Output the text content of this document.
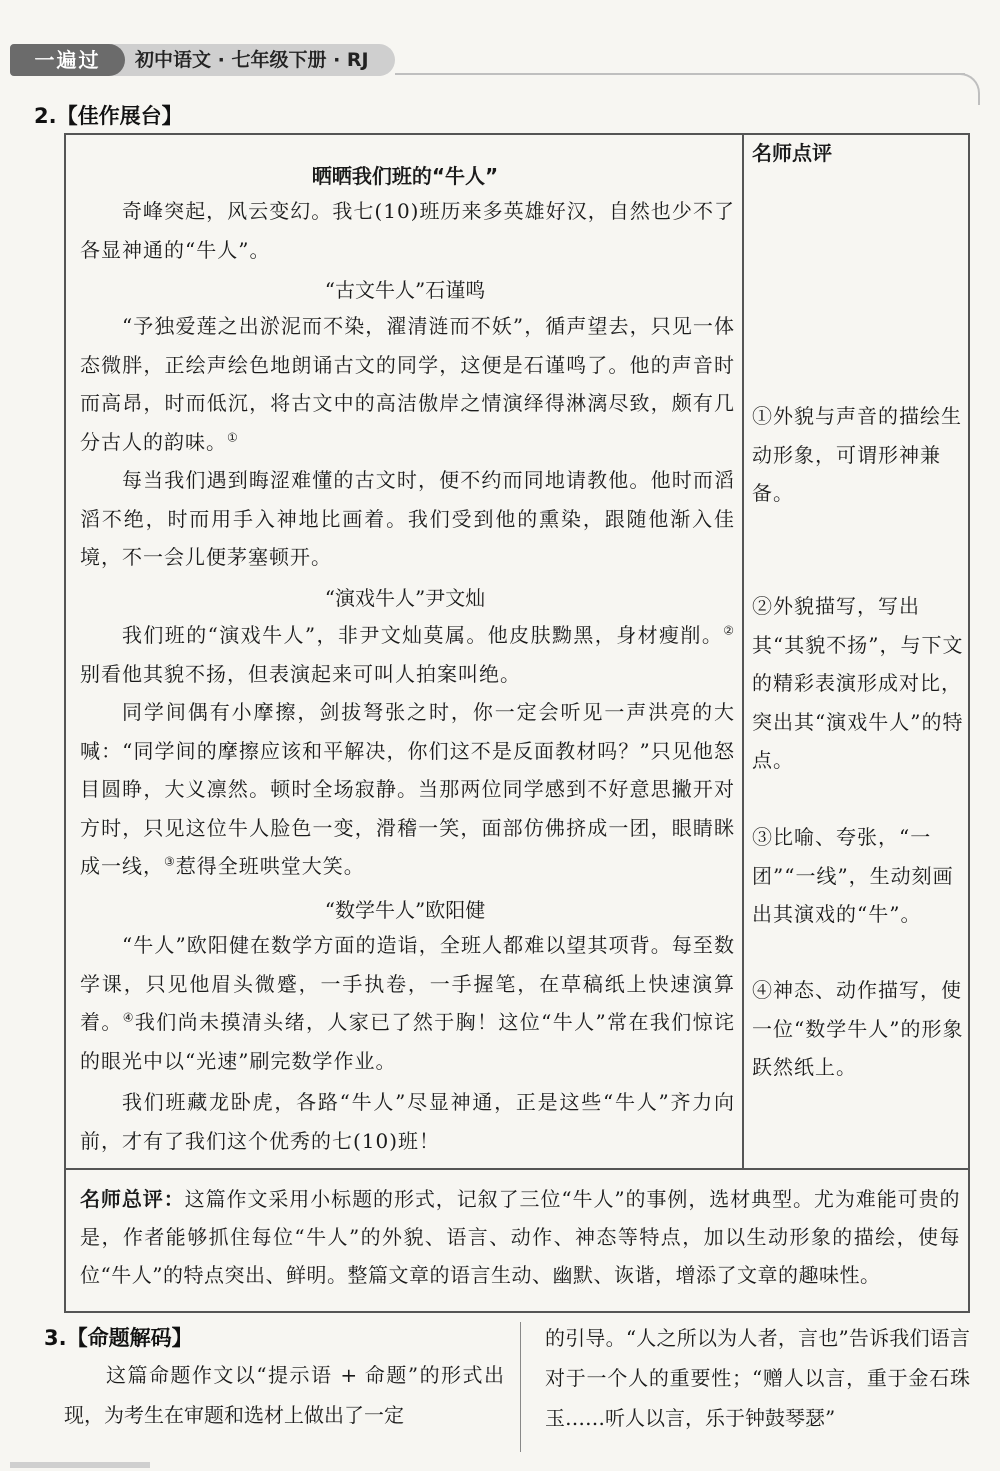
一遍过	初中语文 · 七年级下册 · RJ
2.【佳作展台】
名师点评
晒晒我们班的“牛人”
奇峰突起，风云变幻。我七(10)班历来多英雄好汉，自然也少不了各显神通的“牛人”。
“古文牛人”石谨鸣
“予独爱莲之出淤泥而不染，濯清涟而不妖”，循声望去，只见一体态微胖，正绘声绘色地朗诵古文的同学，这便是石谨鸣了。他的声音时而高昂，时而低沉，将古文中的高洁傲岸之情演绎得淋漓尽致，颇有几分古人的韵味。①
每当我们遇到晦涩难懂的古文时，便不约而同地请教他。他时而滔滔不绝，时而用手入神地比画着。我们受到他的熏染，跟随他渐入佳境，不一会儿便茅塞顿开。
“演戏牛人”尹文灿
我们班的“演戏牛人”，非尹文灿莫属。他皮肤黝黑，身材瘦削。②别看他其貌不扬，但表演起来可叫人拍案叫绝。
同学间偶有小摩擦，剑拔弩张之时，你一定会听见一声洪亮的大喊：“同学间的摩擦应该和平解决，你们这不是反面教材吗？”只见他怒目圆睁，大义凛然。顿时全场寂静。当那两位同学感到不好意思撇开对方时，只见这位牛人脸色一变，滑稽一笑，面部仿佛挤成一团，眼睛眯成一线，③惹得全班哄堂大笑。
“数学牛人”欧阳健
“牛人”欧阳健在数学方面的造诣，全班人都难以望其项背。每至数学课，只见他眉头微蹙，一手执卷，一手握笔，在草稿纸上快速演算着。④我们尚未摸清头绪，人家已了然于胸！这位“牛人”常在我们惊诧的眼光中以“光速”刷完数学作业。
我们班藏龙卧虎，各路“牛人”尽显神通，正是这些“牛人”齐力向前，才有了我们这个优秀的七(10)班！
①外貌与声音的描绘生动形象，可谓形神兼备。
②外貌描写，写出其“其貌不扬”，与下文的精彩表演形成对比，突出其“演戏牛人”的特点。
③比喻、夸张，“一团”“一线”，生动刻画出其演戏的“牛”。
④神态、动作描写，使一位“数学牛人”的形象跃然纸上。
名师总评：这篇作文采用小标题的形式，记叙了三位“牛人”的事例，选材典型。尤为难能可贵的是，作者能够抓住每位“牛人”的外貌、语言、动作、神态等特点，加以生动形象的描绘，使每位“牛人”的特点突出、鲜明。整篇文章的语言生动、幽默、诙谐，增添了文章的趣味性。
3.【命题解码】
这篇命题作文以“提示语 + 命题”的形式出现，为考生在审题和选材上做出了一定
的引导。“人之所以为人者，言也”告诉我们语言对于一个人的重要性；“赠人以言，重于金石珠玉……听人以言，乐于钟鼓琴瑟”
